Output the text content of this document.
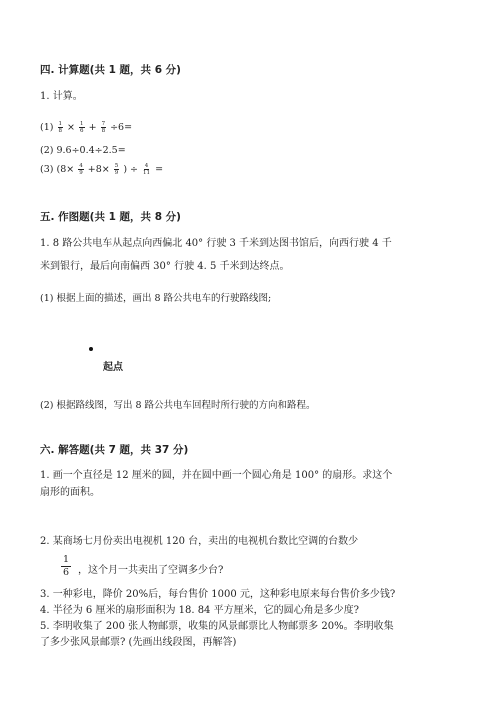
四. 计算题(共 1 题，共 6 分)
1. 计算。
$(1) \frac{1}{8} \times \frac{1}{6} + \frac{7}{8} \div 6=$
(2) 9.6÷0.4÷2.5=
(3) ($8\times \frac{4}{9} +8\times \frac{5}{9}$ ) ÷ $\frac{4}{11}$ =
五. 作图题(共 1 题，共 8 分)
1. 8 路公共电车从起点向西偏北 40° 行驶 3 千米到达图书馆后，向西行驶 4 千
米到银行，最后向南偏西 30° 行驶 4. 5 千米到达终点。
(1) 根据上面的描述，画出 8 路公共电车的行驶路线图;
起点
(2) 根据路线图，写出 8 路公共电车回程时所行驶的方向和路程。
六. 解答题(共 7 题，共 37 分)
1. 画一个直径是 12 厘米的圆，并在圆中画一个圆心角是 100° 的扇形。求这个
扇形的面积。
2. 某商场七月份卖出电视机 120 台，卖出的电视机台数比空调的台数少
$\frac{1}{6}$ ，这个月一共卖出了空调多少台?
3. 一种彩电，降价 20%后，每台售价 1000 元，这种彩电原来每台售价多少钱?
4. 半径为 6 厘米的扇形面积为 18. 84 平方厘米，它的圆心角是多少度?
5. 李明收集了 200 张人物邮票，收集的风景邮票比人物邮票多 20%。李明收集
了多少张风景邮票? (先画出线段图，再解答)
